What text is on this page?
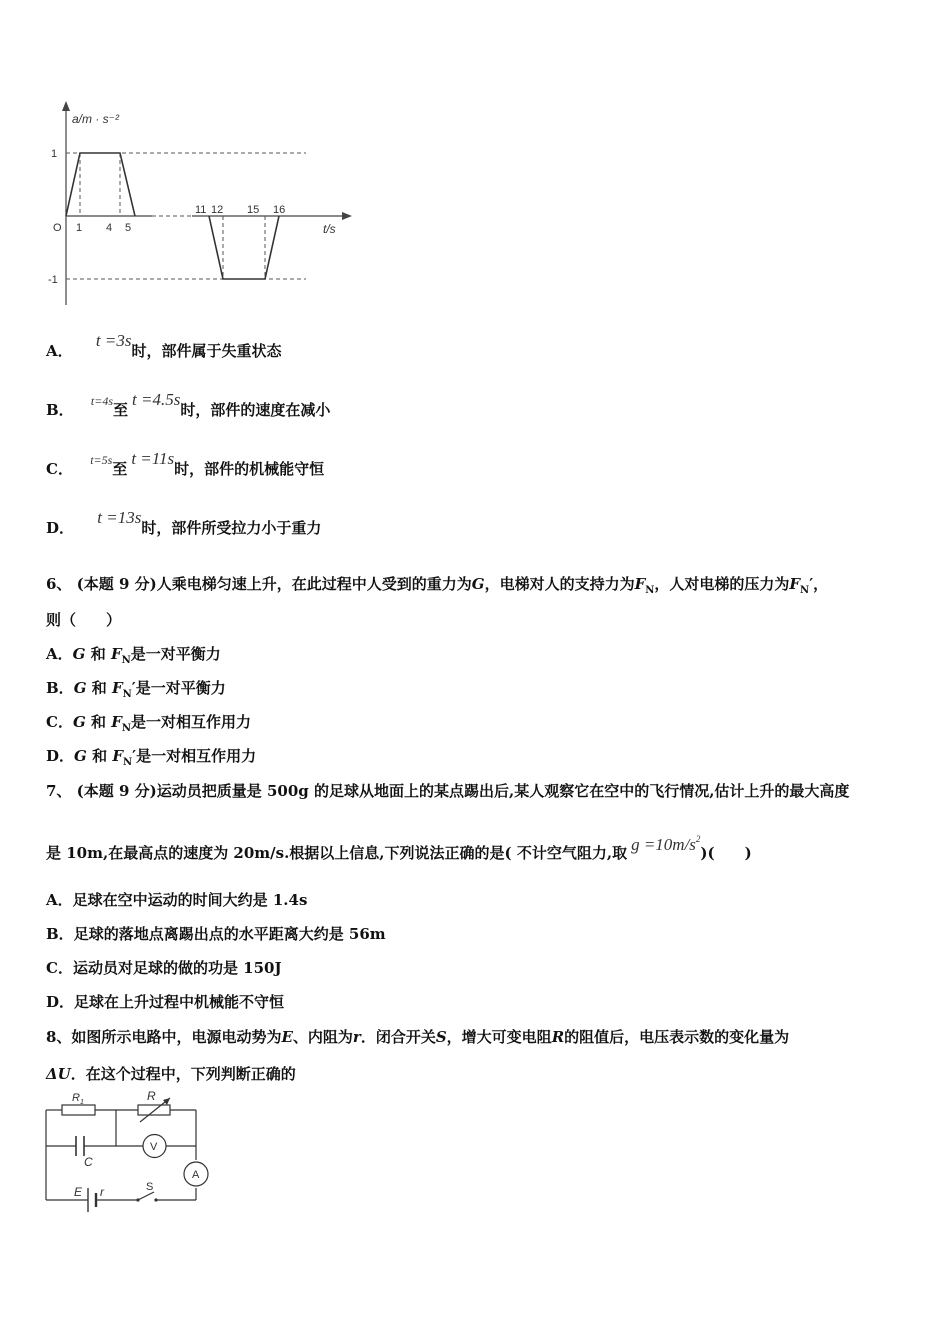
a/m · s⁻²
t/s
O
1
-1
1 4 5
11 12 15 16
A． t =3s时，部件属于失重状态
B． $^{t=4s}$至t =4.5s时，部件的速度在减小
C． $^{t=5s}$至t =11s时，部件的机械能守恒
D． t =13s时，部件所受拉力小于重力
6、 (本题 9 分)人乘电梯匀速上升，在此过程中人受到的重力为G，电梯对人的支持力为$F_N$，人对电梯的压力为$F_N'$，
则（　　）
A．G 和 $F_N$是一对平衡力
B．G 和 $F_N'$是一对平衡力
C．G 和 $F_N$是一对相互作用力
D．G 和 $F_N'$是一对相互作用力
7、 (本题 9 分)运动员把质量是 500g 的足球从地面上的某点踢出后,某人观察它在空中的飞行情况,估计上升的最大高度
是 10m,在最高点的速度为 20m/s.根据以上信息,下列说法正确的是( 不计空气阻力,取 $g =10m/s^2$)(　　)
A．足球在空中运动的时间大约是 1.4s
B．足球的落地点离踢出点的水平距离大约是 56m
C．运动员对足球的做的功是 150J
D．足球在上升过程中机械能不守恒
8、如图所示电路中，电源电动势为E、内阻为r．闭合开关S，增大可变电阻R的阻值后，电压表示数的变化量为
ΔU．在这个过程中，下列判断正确的
$R_1$	R
C
V
A
E r	S
